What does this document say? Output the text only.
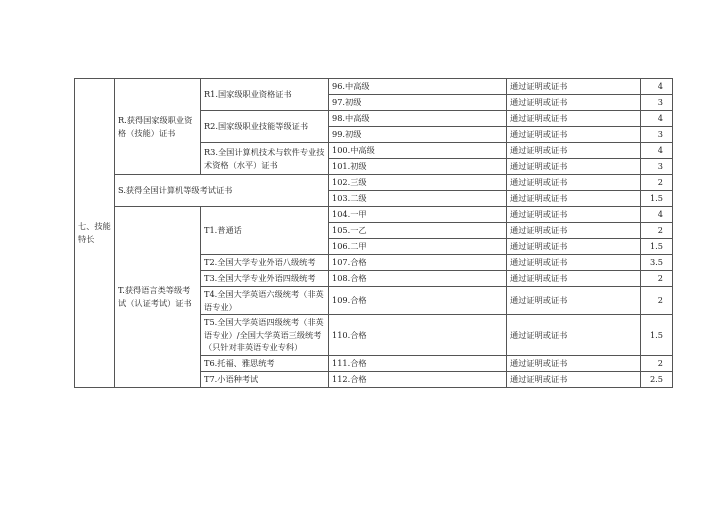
七、技能特长	R.获得国家级职业资格（技能）证书	R1.国家级职业资格证书	96.中高级	通过证明或证书	4
			97.初级	通过证明或证书	3
		R2.国家级职业技能等级证书	98.中高级	通过证明或证书	4
			99.初级	通过证明或证书	3
		R3.全国计算机技术与软件专业技术资格（水平）证书	100.中高级	通过证明或证书	4
			101.初级	通过证明或证书	3
	S.获得全国计算机等级考试证书		102.三级	通过证明或证书	2
			103.二级	通过证明或证书	1.5
	T.获得语言类等级考试（认证考试）证书	T1.普通话	104.一甲	通过证明或证书	4
			105.一乙	通过证明或证书	2
			106.二甲	通过证明或证书	1.5
		T2.全国大学专业外语八级统考	107.合格	通过证明或证书	3.5
		T3.全国大学专业外语四级统考	108.合格	通过证明或证书	2
		T4.全国大学英语六级统考（非英语专业）	109.合格	通过证明或证书	2
		T5.全国大学英语四级统考（非英语专业）/全国大学英语三级统考（只针对非英语专业专科）	110.合格	通过证明或证书	1.5
		T6.托福、雅思统考	111.合格	通过证明或证书	2
		T7.小语种考试	112.合格	通过证明或证书	2.5
